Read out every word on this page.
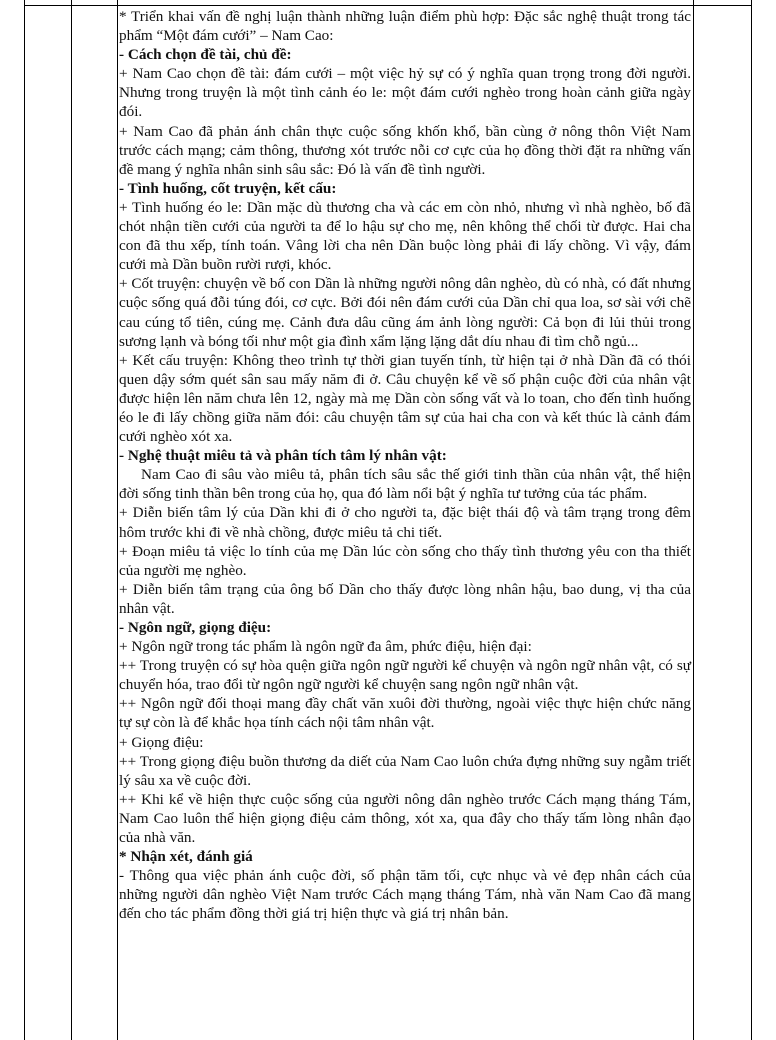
* Triển khai vấn đề nghị luận thành những luận điểm phù hợp: Đặc sắc nghệ thuật trong tác phẩm “Một đám cưới” – Nam Cao:

- Cách chọn đề tài, chủ đề:

+ Nam Cao chọn đề tài: đám cưới – một việc hỷ sự có ý nghĩa quan trọng trong đời người. Nhưng trong truyện là một tình cảnh éo le: một đám cưới nghèo trong hoàn cảnh giữa ngày đói.

+ Nam Cao đã phản ánh chân thực cuộc sống khốn khổ, bần cùng ở nông thôn Việt Nam trước cách mạng; cảm thông, thương xót trước nỗi cơ cực của họ đồng thời đặt ra những vấn đề mang ý nghĩa nhân sinh sâu sắc: Đó là vấn đề tình người.

- Tình huống, cốt truyện, kết cấu:

+ Tình huống éo le: Dần mặc dù thương cha và các em còn nhỏ, nhưng vì nhà nghèo, bố đã chót nhận tiền cưới của người ta để lo hậu sự cho mẹ, nên không thể chối từ được. Hai cha con đã thu xếp, tính toán. Vâng lời cha nên Dần buộc lòng phải đi lấy chồng. Vì vậy, đám cưới mà Dần buồn rười rượi, khóc.

+ Cốt truyện: chuyện về bố con Dần là những người nông dân nghèo, dù có nhà, có đất nhưng cuộc sống quá đỗi túng đói, cơ cực. Bởi đói nên đám cưới của Dần chỉ qua loa, sơ sài với chẽ cau cúng tổ tiên, cúng mẹ. Cảnh đưa dâu cũng ám ảnh lòng người: Cả bọn đi lủi thủi trong sương lạnh và bóng tối như một gia đình xẩm lặng lặng dắt díu nhau đi tìm chỗ ngủ...

+ Kết cấu truyện: Không theo trình tự thời gian tuyến tính, từ hiện tại ở nhà Dần đã có thói quen dậy sớm quét sân sau mấy năm đi ở. Câu chuyện kể về số phận cuộc đời của nhân vật được hiện lên năm chưa lên 12, ngày mà mẹ Dần còn sống vất và lo toan, cho đến tình huống éo le đi lấy chồng giữa năm đói: câu chuyện tâm sự của hai cha con và kết thúc là cảnh đám cưới nghèo xót xa.

- Nghệ thuật miêu tả và phân tích tâm lý nhân vật:

Nam Cao đi sâu vào miêu tả, phân tích sâu sắc thế giới tinh thần của nhân vật, thể hiện đời sống tinh thần bên trong của họ, qua đó làm nổi bật ý nghĩa tư tưởng của tác phẩm.

+ Diễn biến tâm lý của Dần khi đi ở cho người ta, đặc biệt thái độ và tâm trạng trong đêm hôm trước khi đi về nhà chồng, được miêu tả chi tiết.

+ Đoạn miêu tả việc lo tính của mẹ Dần lúc còn sống cho thấy tình thương yêu con tha thiết của người mẹ nghèo.

+ Diễn biến tâm trạng của ông bố Dần cho thấy được lòng nhân hậu, bao dung, vị tha của nhân vật.

- Ngôn ngữ, giọng điệu:

+ Ngôn ngữ trong tác phẩm là ngôn ngữ đa âm, phức điệu, hiện đại:

++ Trong truyện có sự hòa quện giữa ngôn ngữ người kể chuyện và ngôn ngữ nhân vật, có sự chuyển hóa, trao đổi từ ngôn ngữ người kể chuyện sang ngôn ngữ nhân vật.

++ Ngôn ngữ đối thoại mang đầy chất văn xuôi đời thường, ngoài việc thực hiện chức năng tự sự còn là để khắc họa tính cách nội tâm nhân vật.

+ Giọng điệu:

++ Trong giọng điệu buồn thương da diết của Nam Cao luôn chứa đựng những suy ngẫm triết lý sâu xa về cuộc đời.

++ Khi kể về hiện thực cuộc sống của người nông dân nghèo trước Cách mạng tháng Tám, Nam Cao luôn thể hiện giọng điệu cảm thông, xót xa, qua đây cho thấy tấm lòng nhân đạo của nhà văn.

* Nhận xét, đánh giá

- Thông qua việc phản ánh cuộc đời, số phận tăm tối, cực nhục và vẻ đẹp nhân cách của những người dân nghèo Việt Nam trước Cách mạng tháng Tám, nhà văn Nam Cao đã mang đến cho tác phẩm đồng thời giá trị hiện thực và giá trị nhân bản.
